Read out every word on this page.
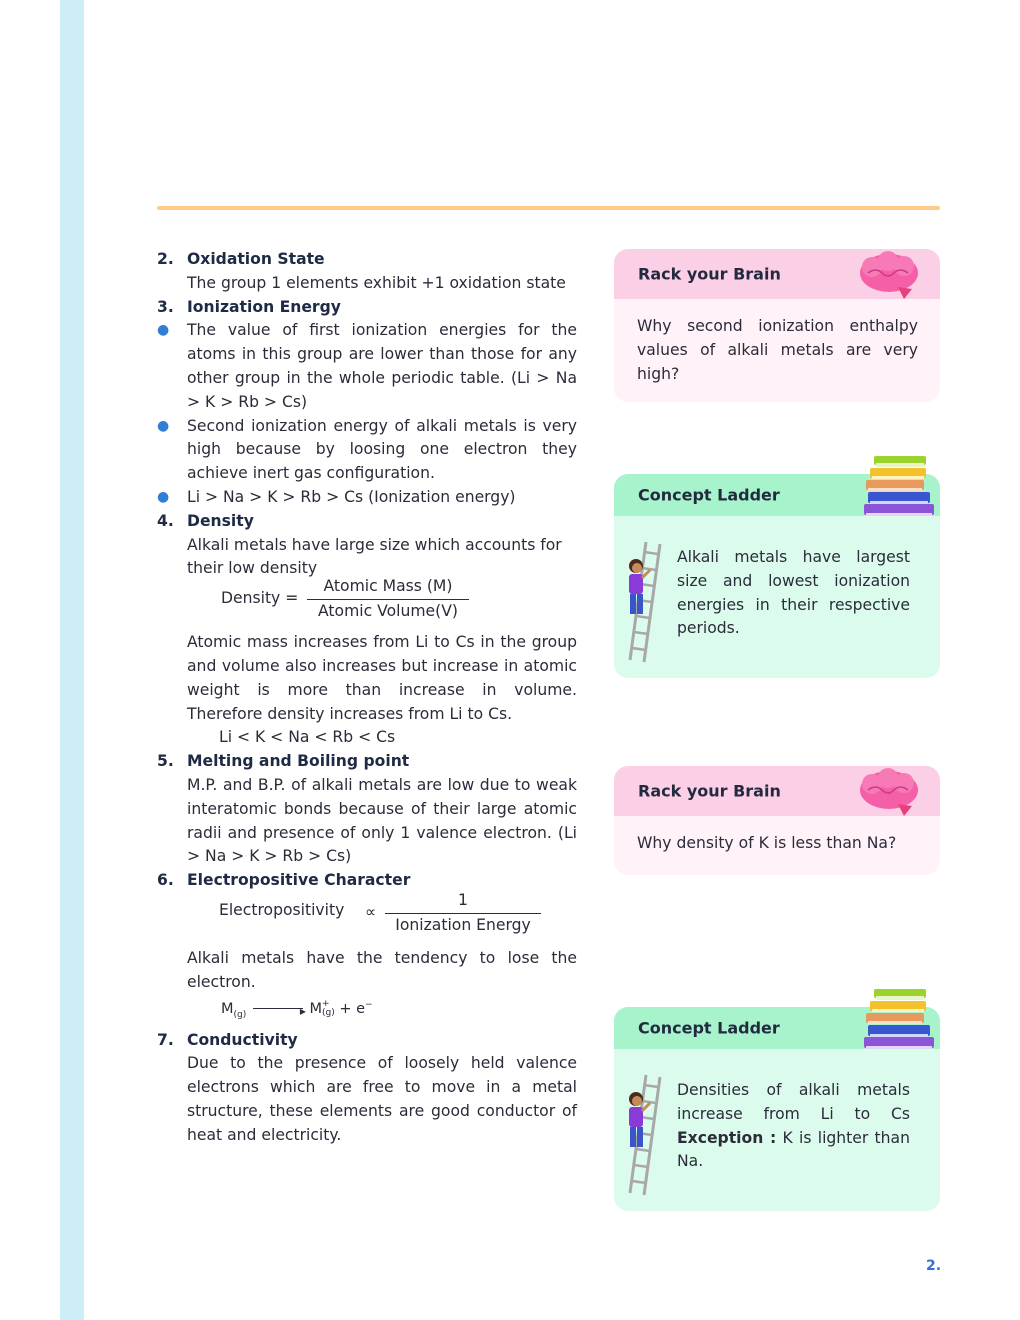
2. Oxidation State
The group 1 elements exhibit +1 oxidation state
3. Ionization Energy
●	The value of first ionization energies for the atoms in this group are lower than those for any other group in the whole periodic table. (Li > Na > K > Rb > Cs)
●	Second ionization energy of alkali metals is very high because by loosing one electron they achieve inert gas configuration.
●	Li > Na > K > Rb > Cs (Ionization energy)
4. Density
Alkali metals have large size which accounts for their low density
Density =
Atomic Mass (M)
Atomic Volume(V)
Atomic mass increases from Li to Cs in the group and volume also increases but increase in atomic weight is more than increase in volume. Therefore density increases from Li to Cs.
Li < K < Na < Rb < Cs
5. Melting and Boiling point
M.P. and B.P. of alkali metals are low due to weak interatomic bonds because of their large atomic radii and presence of only 1 valence electron. (Li > Na > K > Rb > Cs)
6. Electropositive Character
Electropositivity ∝
1
Ionization Energy
Alkali metals have the tendency to lose the electron.
$M_{(g)}$	▸ M +
(g) + e−
7. Conductivity
Due to the presence of loosely held valence electrons which are free to move in a metal structure, these elements are good conductor of heat and electricity.
Rack your Brain
Why second ionization enthalpy values of alkali metals are very high?
Concept Ladder
Alkali metals have largest size and lowest ionization energies in their respective periods.
Rack your Brain
Why density of K is less than Na?
Concept Ladder
Densities of alkali metals increase from Li to Cs Exception : K is lighter than Na.
2.
